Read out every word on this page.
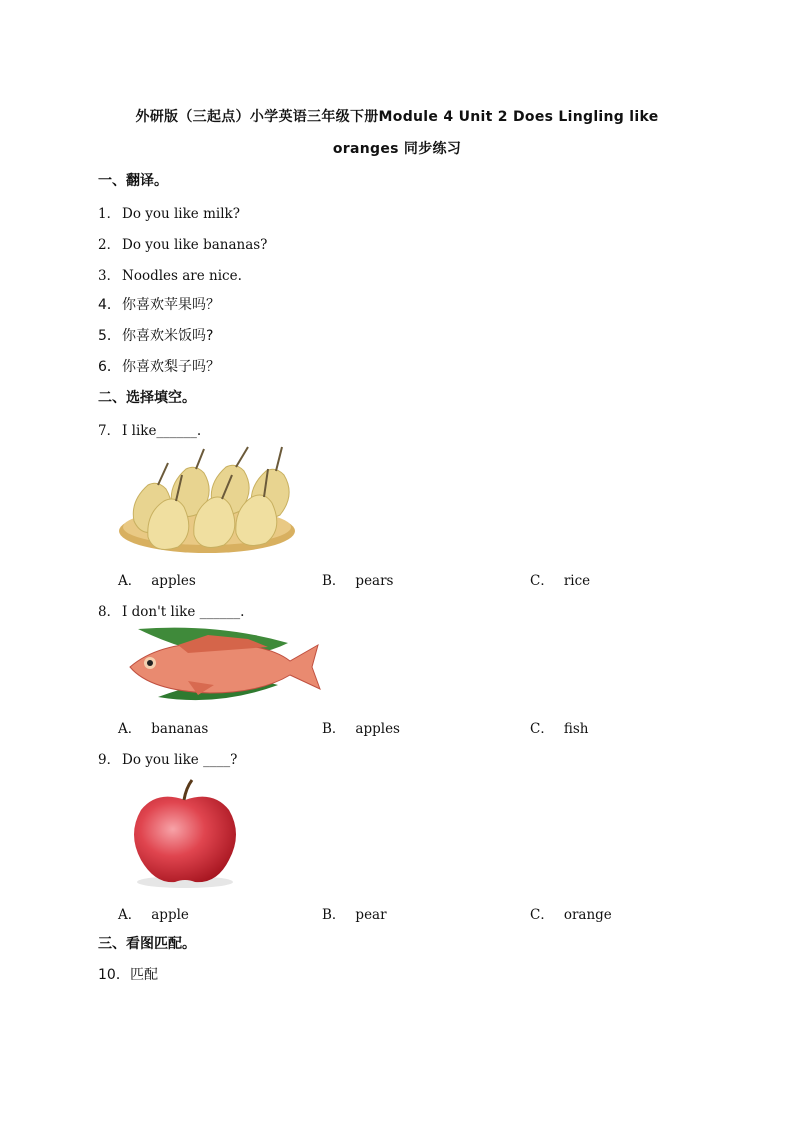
外研版（三起点）小学英语三年级下册Module 4 Unit 2 Does Lingling like
oranges 同步练习
一、翻译。
1． Do you like milk?
2． Do you like bananas?
3． Noodles are nice.
4．你喜欢苹果吗？
5．你喜欢米饭吗?
6．你喜欢梨子吗？
二、选择填空。
7． I like______.
A． apples	B． pears	C． rice
8． I don't like ______.
A． bananas	B． apples	C． fish
9． Do you like ____?
A． apple	B． pear	C． orange
三、看图匹配。
10．匹配
